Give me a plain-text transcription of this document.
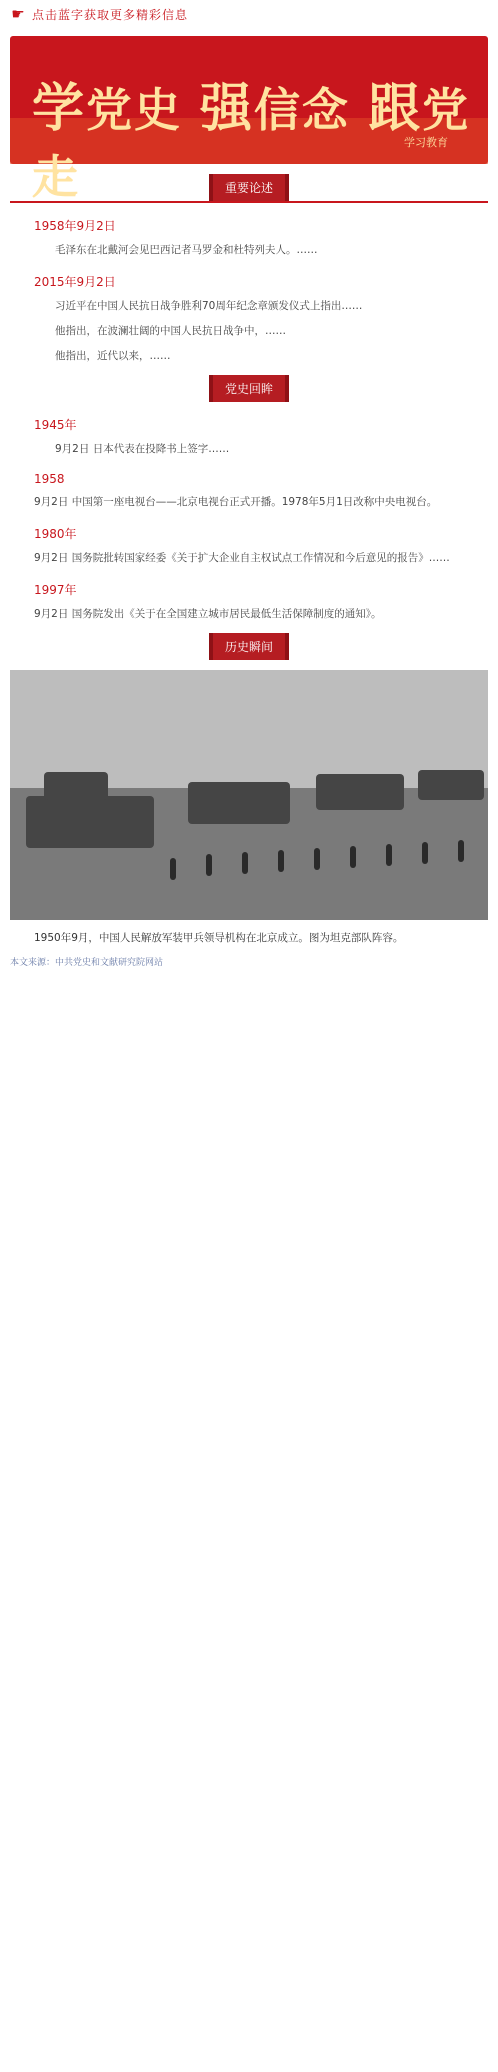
☛ 点击蓝字获取更多精彩信息
学党史 强信念 跟党走
学习教育
重要论述
1958年9月2日

毛泽东在北戴河会见巴西记者马罗金和杜特列夫人。……

2015年9月2日

习近平在中国人民抗日战争胜利70周年纪念章颁发仪式上指出……

他指出，在波澜壮阔的中国人民抗日战争中，……

他指出，近代以来，……

党史回眸
1945年

9月2日 日本代表在投降书上签字……

1958

9月2日 中国第一座电视台——北京电视台正式开播。1978年5月1日改称中央电视台。

1980年

9月2日 国务院批转国家经委《关于扩大企业自主权试点工作情况和今后意见的报告》……

1997年

9月2日 国务院发出《关于在全国建立城市居民最低生活保障制度的通知》。

历史瞬间

1950年9月，中国人民解放军装甲兵领导机构在北京成立。图为坦克部队阵容。

本文来源：中共党史和文献研究院网站
